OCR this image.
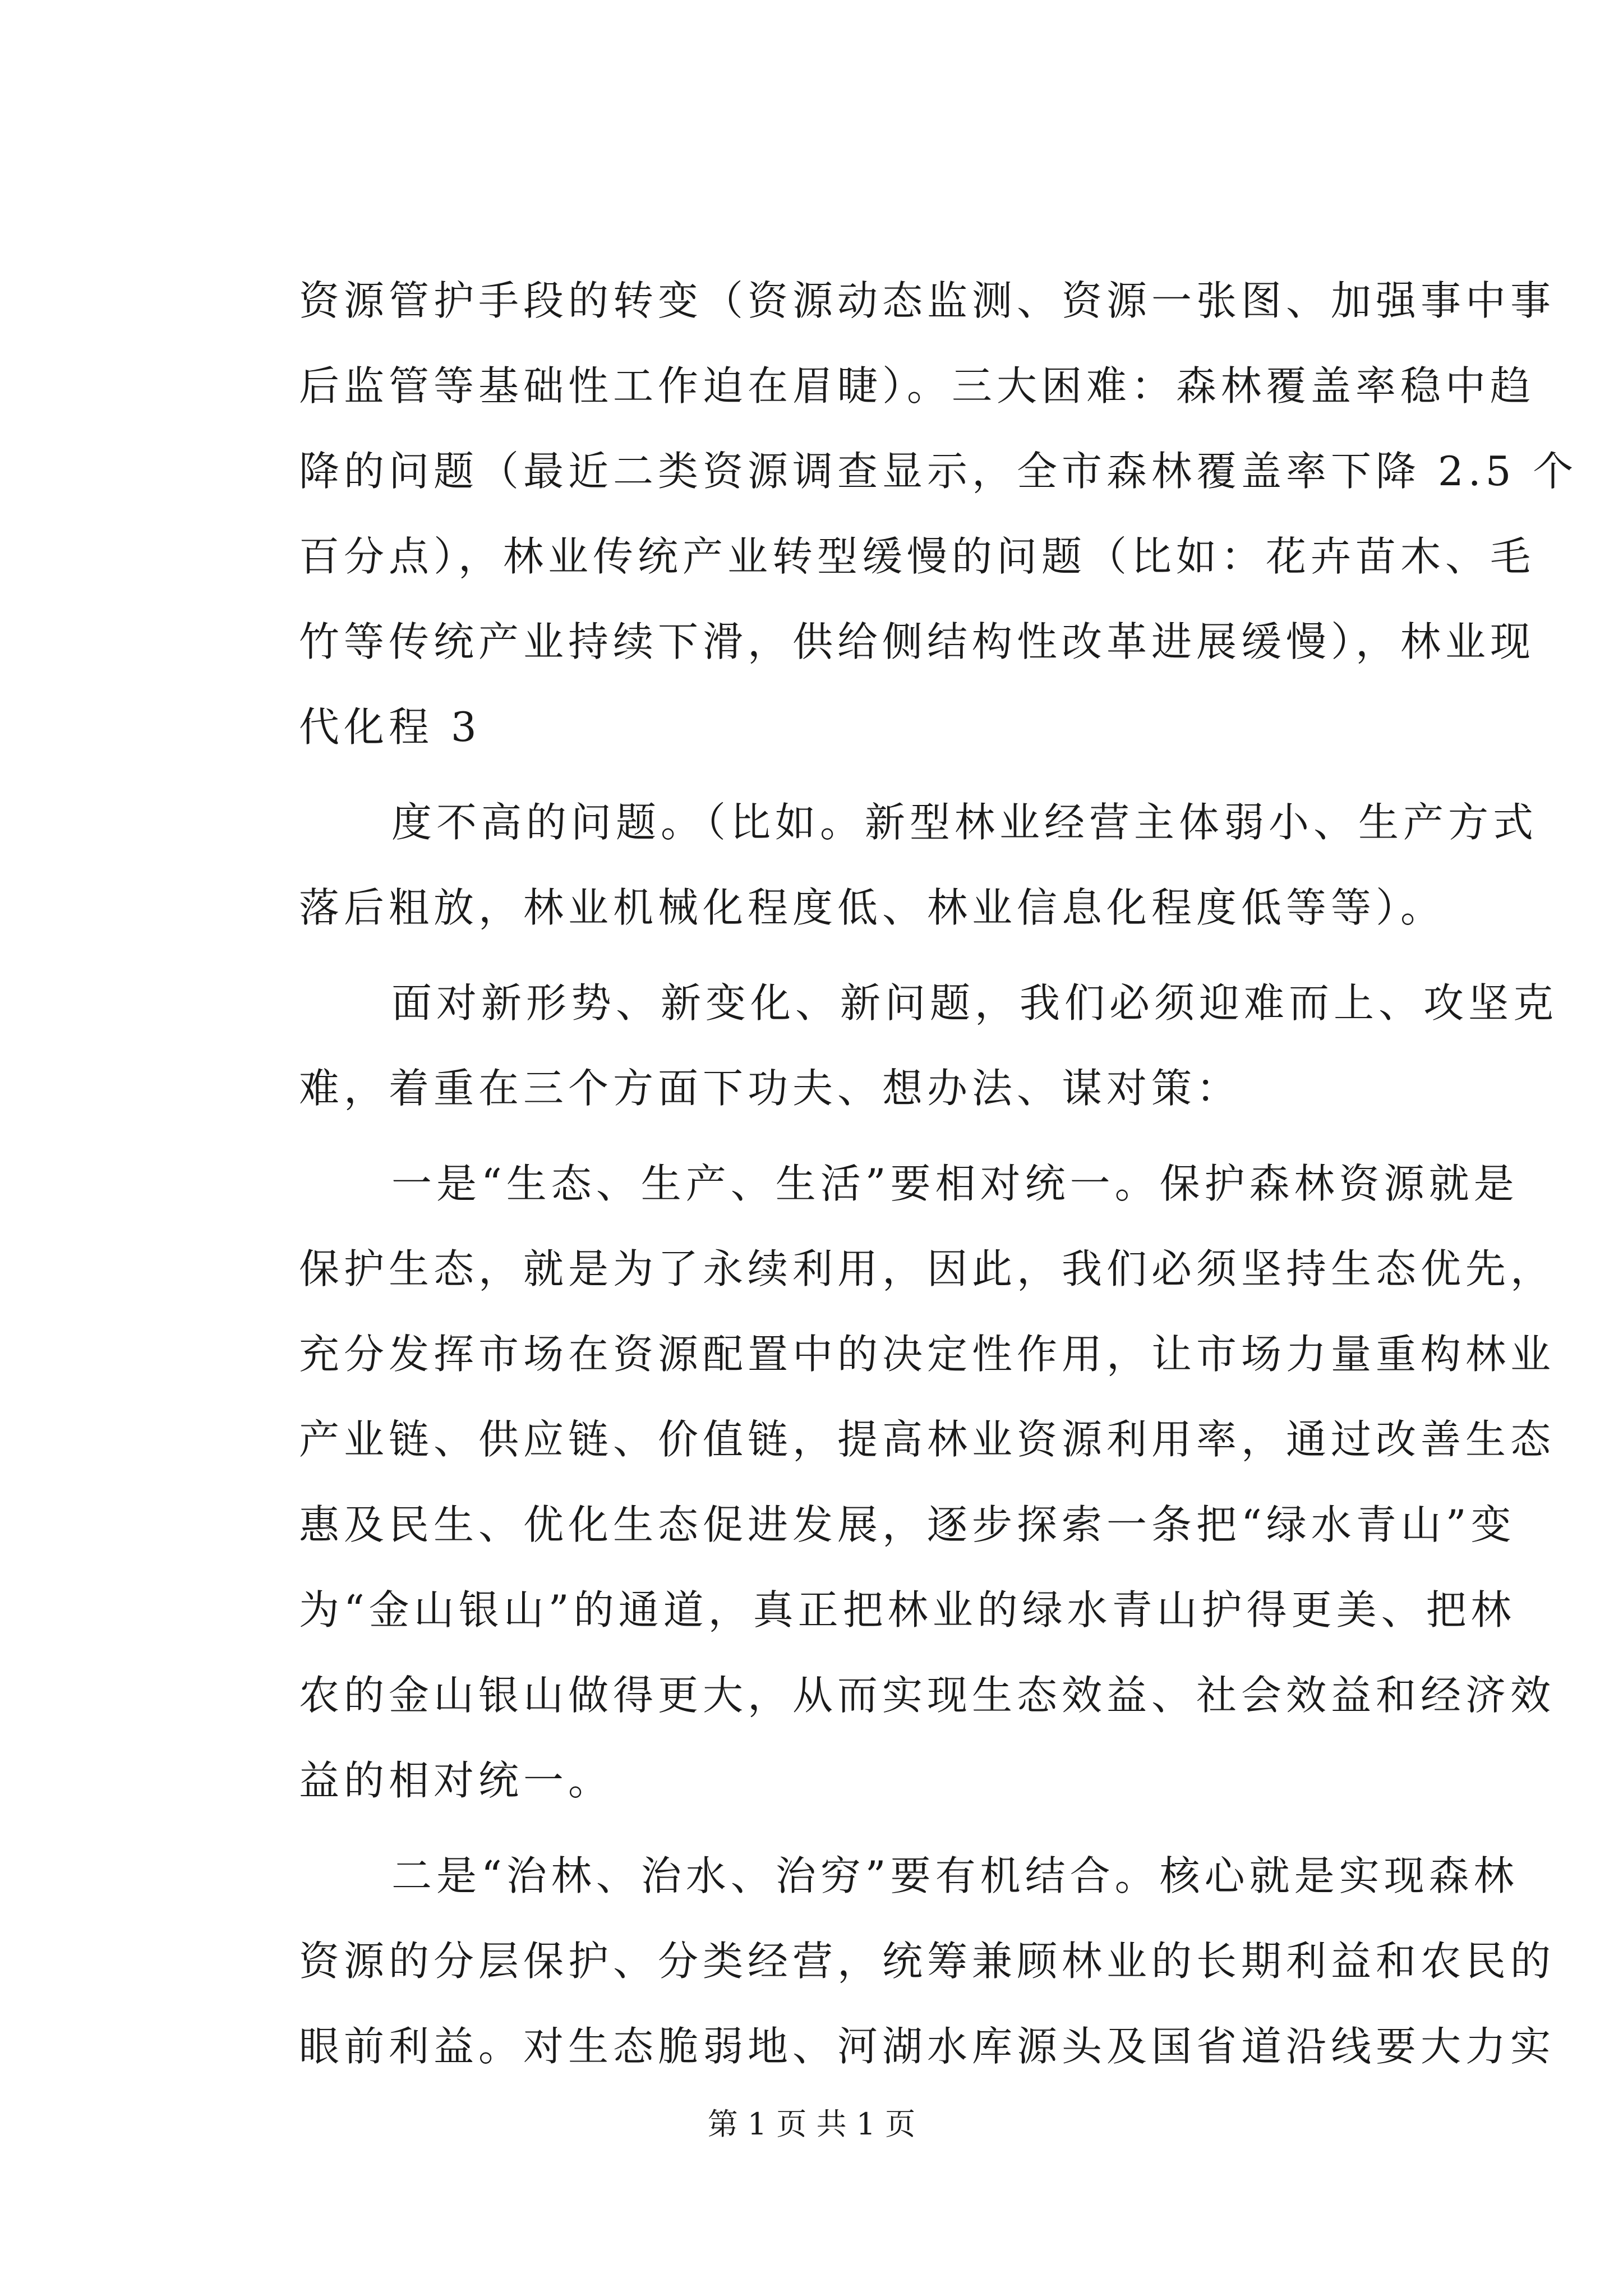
资源管护手段的转变（资源动态监测、资源一张图、加强事中事
后监管等基础性工作迫在眉睫）。三大困难：森林覆盖率稳中趋
降的问题（最近二类资源调查显示，全市森林覆盖率下降 2.5 个
百分点），林业传统产业转型缓慢的问题（比如：花卉苗木、毛
竹等传统产业持续下滑，供给侧结构性改革进展缓慢），林业现
代化程 3
度不高的问题。（比如。新型林业经营主体弱小、生产方式
落后粗放，林业机械化程度低、林业信息化程度低等等）。
面对新形势、新变化、新问题，我们必须迎难而上、攻坚克
难，着重在三个方面下功夫、想办法、谋对策：
一是“生态、生产、生活”要相对统一。保护森林资源就是
保护生态，就是为了永续利用，因此，我们必须坚持生态优先，
充分发挥市场在资源配置中的决定性作用，让市场力量重构林业
产业链、供应链、价值链，提高林业资源利用率，通过改善生态
惠及民生、优化生态促进发展，逐步探索一条把“绿水青山”变
为“金山银山”的通道，真正把林业的绿水青山护得更美、把林
农的金山银山做得更大，从而实现生态效益、社会效益和经济效
益的相对统一。
二是“治林、治水、治穷”要有机结合。核心就是实现森林
资源的分层保护、分类经营，统筹兼顾林业的长期利益和农民的
眼前利益。对生态脆弱地、河湖水库源头及国省道沿线要大力实
第 1 页 共 1 页
